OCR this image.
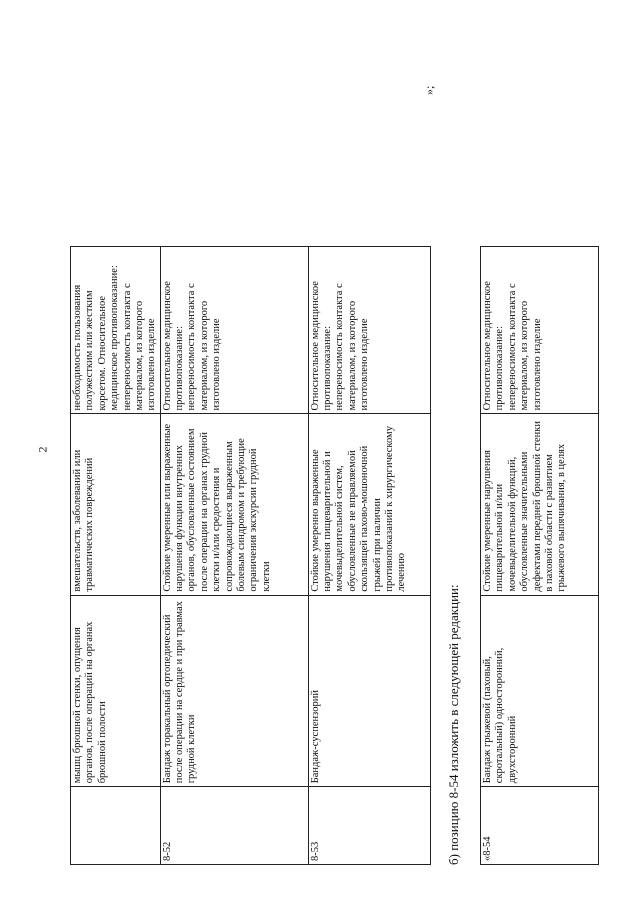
2
	мышц брюшной стенки, опущения органов, после операций на органах брюшной полости	вмешательств, заболеваний или травматических повреждений	необходимость пользования полужестким или жестким корсетом. Относительное медицинское противопоказание: непереносимость контакта с материалом, из которого изготовлено изделие
8-52	Бандаж торакальный ортопедический после операции на сердце и при травмах грудной клетки	Стойкие умеренные или выраженные нарушения функции внутренних органов, обусловленные состоянием после операции на органах грудной клетки и/или средостения и сопровождающиеся выраженным болевым синдромом и требующие ограничения экскурсии грудной клетки	Относительное медицинское противопоказание: непереносимость контакта с материалом, из которого изготовлено изделие
8-53	Бандаж-суспензорий	Стойкие умеренно выраженные нарушения пищеварительной и мочевыделительной систем, обусловленные не вправляемой скользящей пахово-мошоночной грыжей при наличии противопоказаний к хирургическому лечению	Относительное медицинское противопоказание: непереносимость контакта с материалом, из которого изготовлено изделие
»;
б) позицию 8-54 изложить в следующей редакции: «8-54	Бандаж грыжевой (паховый, скротальный) односторонний, двухсторонний	Стойкие умеренные нарушения пищеварительной и/или мочевыделительной функций, обусловленные значительными дефектами передней брюшной стенки в паховой области с развитием грыжевого выпячивания, в целях	Относительное медицинское противопоказание: непереносимость контакта с материалом, из которого изготовлено изделие
